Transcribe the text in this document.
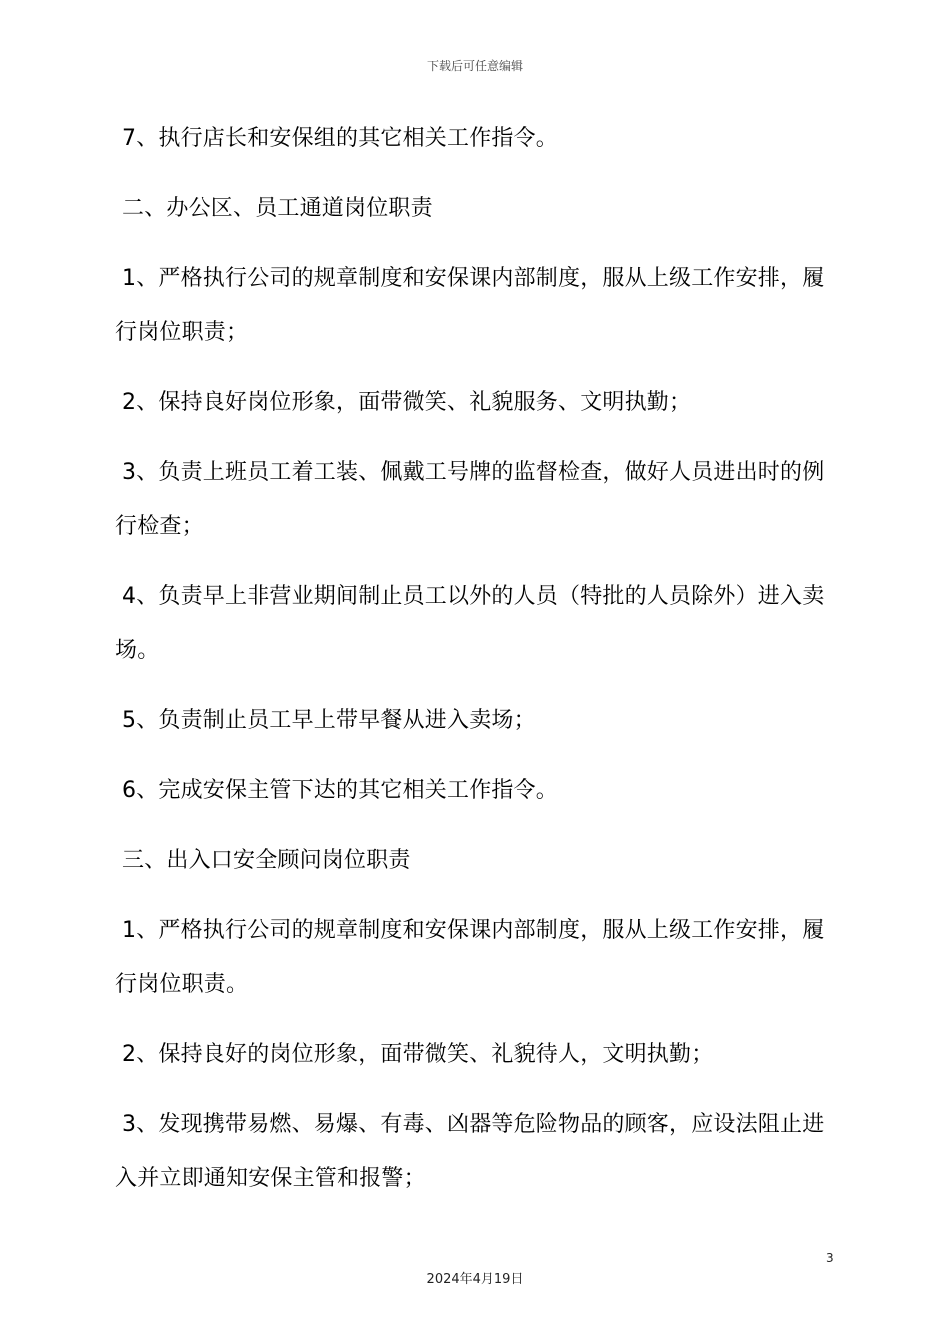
下载后可任意编辑

7、执行店长和安保组的其它相关工作指令。

二、办公区、员工通道岗位职责

1、严格执行公司的规章制度和安保课内部制度，服从上级工作安排，履行岗位职责；

2、保持良好岗位形象，面带微笑、礼貌服务、文明执勤；

3、负责上班员工着工装、佩戴工号牌的监督检查，做好人员进出时的例行检查；

4、负责早上非营业期间制止员工以外的人员（特批的人员除外）进入卖场。

5、负责制止员工早上带早餐从进入卖场；

6、完成安保主管下达的其它相关工作指令。

三、出入口安全顾问岗位职责

1、严格执行公司的规章制度和安保课内部制度，服从上级工作安排，履行岗位职责。

2、保持良好的岗位形象，面带微笑、礼貌待人，文明执勤；

3、发现携带易燃、易爆、有毒、凶器等危险物品的顾客，应设法阻止进入并立即通知安保主管和报警；

3
2024年4月19日
